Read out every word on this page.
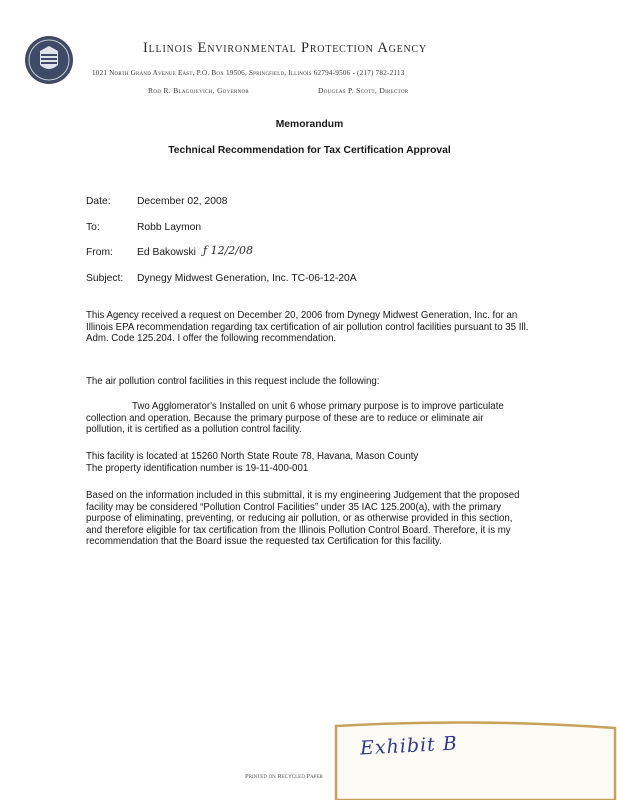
Illinois Environmental Protection Agency
1021 North Grand Avenue East, P.O. Box 19506, Springfield, Illinois 62794-9506 - (217) 782-2113
Rod R. Blagojevich, Governor	Douglas P. Scott, Director
Memorandum
Technical Recommendation for Tax Certification Approval
Date:	December 02, 2008
To:	Robb Laymon
From: Ed Bakowski ƒ 12/2/08
Subject: Dynegy Midwest Generation, Inc. TC-06-12-20A

This Agency received a request on December 20, 2006 from Dynegy Midwest Generation, Inc. for an Illinois EPA recommendation regarding tax certification of air pollution control facilities pursuant to 35 Ill. Adm. Code 125.204. I offer the following recommendation.

The air pollution control facilities in this request include the following:

Two Agglomerator's Installed on unit 6 whose primary purpose is to improve particulate collection and operation. Because the primary purpose of these are to reduce or eliminate air pollution, it is certified as a pollution control facility.

This facility is located at 15260 North State Route 78, Havana, Mason County

The property identification number is 19-11-400-001

Based on the information included in this submittal, it is my engineering Judgement that the proposed facility may be considered “Pollution Control Facilities” under 35 IAC 125.200(a), with the primary purpose of eliminating, preventing, or reducing air pollution, or as otherwise provided in this section, and therefore eligible for tax certification from the Illinois Pollution Control Board. Therefore, it is my recommendation that the Board issue the requested tax Certification for this facility.

Exhibit B
Printed on Recycled Paper
